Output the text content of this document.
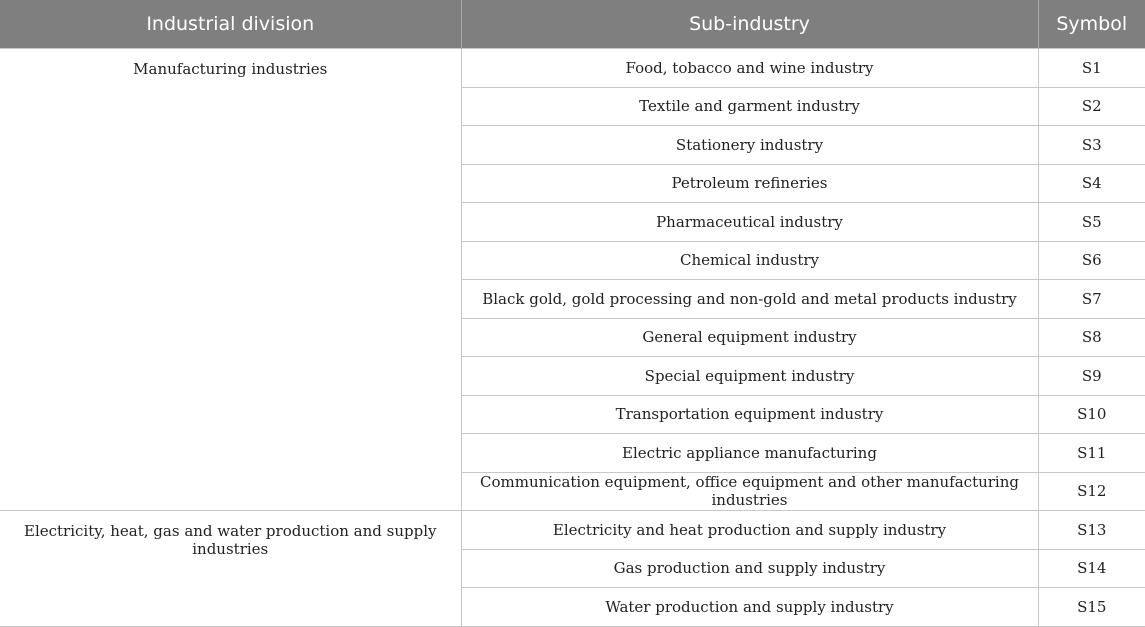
Industrial division	Sub-industry	Symbol
Manufacturing industries	Food, tobacco and wine industry	S1
	Textile and garment industry	S2
	Stationery industry	S3
	Petroleum refineries	S4
	Pharmaceutical industry	S5
	Chemical industry	S6
	Black gold, gold processing and non-gold and metal products industry	S7
	General equipment industry	S8
	Special equipment industry	S9
	Transportation equipment industry	S10
	Electric appliance manufacturing	S11
	Communication equipment, office equipment and other manufacturing industries	S12
Electricity, heat, gas and water production and supply industries	Electricity and heat production and supply industry	S13
	Gas production and supply industry	S14
	Water production and supply industry	S15
